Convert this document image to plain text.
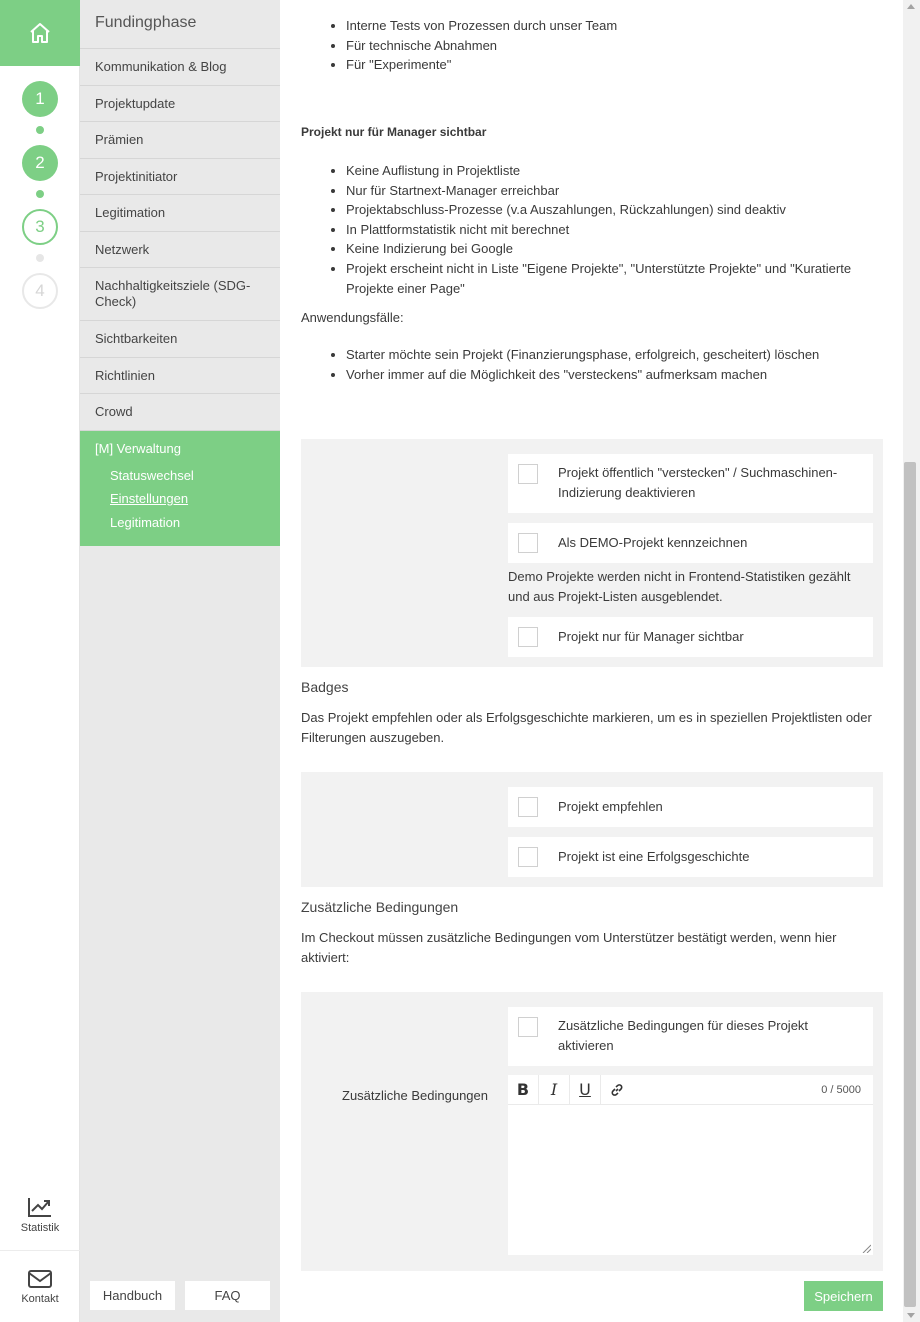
1
2
3
4
Statistik
Kontakt
Fundingphase
Kommunikation & Blog
Projektupdate
Prämien
Projektinitiator
Legitimation
Netzwerk
Nachhaltigkeitsziele (SDG-Check)
Sichtbarkeiten
Richtlinien
Crowd
[M] Verwaltung
Statuswechsel
Einstellungen
Legitimation
Handbuch	FAQ
• Interne Tests von Prozessen durch unser Team
• Für technische Abnahmen
• Für "Experimente"
Projekt nur für Manager sichtbar
• Keine Auflistung in Projektliste
• Nur für Startnext-Manager erreichbar
• Projektabschluss-Prozesse (v.a Auszahlungen, Rückzahlungen) sind deaktiv
• In Plattformstatistik nicht mit berechnet
• Keine Indizierung bei Google
• Projekt erscheint nicht in Liste "Eigene Projekte", "Unterstützte Projekte" und "Kuratierte Projekte einer Page"
Anwendungsfälle:
• Starter möchte sein Projekt (Finanzierungsphase, erfolgreich, gescheitert) löschen
• Vorher immer auf die Möglichkeit des "versteckens" aufmerksam machen
Projekt öffentlich "verstecken" / Suchmaschinen-Indizierung deaktivieren
Als DEMO-Projekt kennzeichnen
Demo Projekte werden nicht in Frontend-Statistiken gezählt und aus Projekt-Listen ausgeblendet.
Projekt nur für Manager sichtbar
Badges
Das Projekt empfehlen oder als Erfolgsgeschichte markieren, um es in speziellen Projektlisten oder Filterungen auszugeben.
Projekt empfehlen
Projekt ist eine Erfolgsgeschichte
Zusätzliche Bedingungen
Im Checkout müssen zusätzliche Bedingungen vom Unterstützer bestätigt werden, wenn hier aktiviert:
Zusätzliche Bedingungen für dieses Projekt aktivieren
Zusätzliche Bedingungen	B	I	U	0 / 5000
Speichern
